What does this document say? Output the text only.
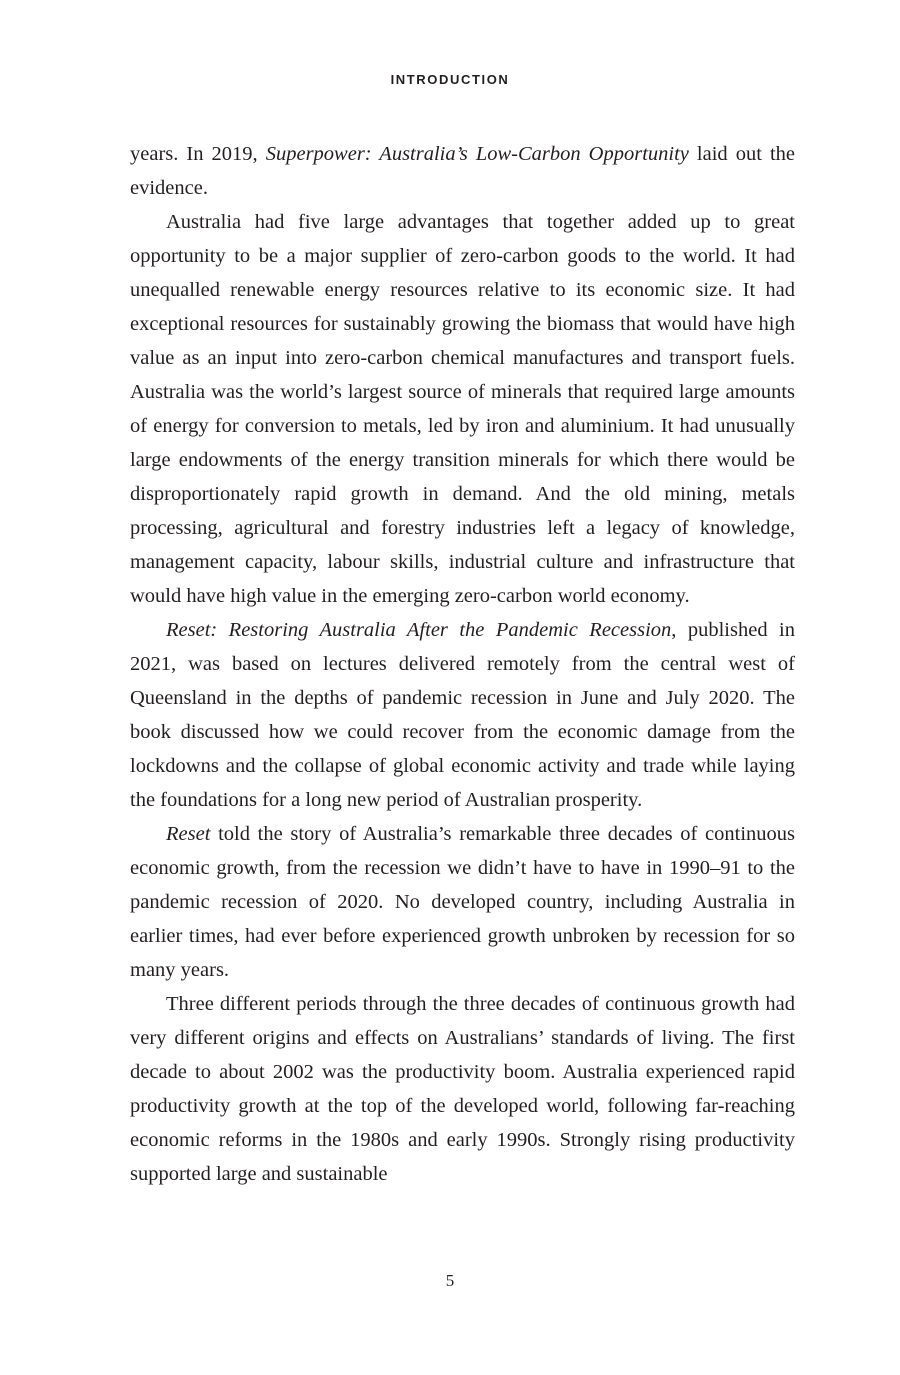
INTRODUCTION

years. In 2019, Superpower: Australia’s Low-Carbon Opportunity laid out the evidence.

Australia had five large advantages that together added up to great opportunity to be a major supplier of zero-carbon goods to the world. It had unequalled renewable energy resources relative to its economic size. It had exceptional resources for sustainably growing the biomass that would have high value as an input into zero-carbon chemical manufactures and transport fuels. Australia was the world’s largest source of minerals that required large amounts of energy for conversion to metals, led by iron and aluminium. It had unusually large endowments of the energy transition minerals for which there would be disproportionately rapid growth in demand. And the old mining, metals processing, agricultural and forestry industries left a legacy of knowledge, management capacity, labour skills, industrial culture and infrastructure that would have high value in the emerging zero-carbon world economy.

Reset: Restoring Australia After the Pandemic Recession, published in 2021, was based on lectures delivered remotely from the central west of Queensland in the depths of pandemic recession in June and July 2020. The book discussed how we could recover from the economic damage from the lockdowns and the collapse of global economic activity and trade while laying the foundations for a long new period of Australian prosperity.

Reset told the story of Australia’s remarkable three decades of continuous economic growth, from the recession we didn’t have to have in 1990–91 to the pandemic recession of 2020. No developed country, including Australia in earlier times, had ever before experienced growth unbroken by recession for so many years.

Three different periods through the three decades of continuous growth had very different origins and effects on Australians’ standards of living. The first decade to about 2002 was the productivity boom. Australia experienced rapid productivity growth at the top of the developed world, following far-reaching economic reforms in the 1980s and early 1990s. Strongly rising productivity supported large and sustainable

5
